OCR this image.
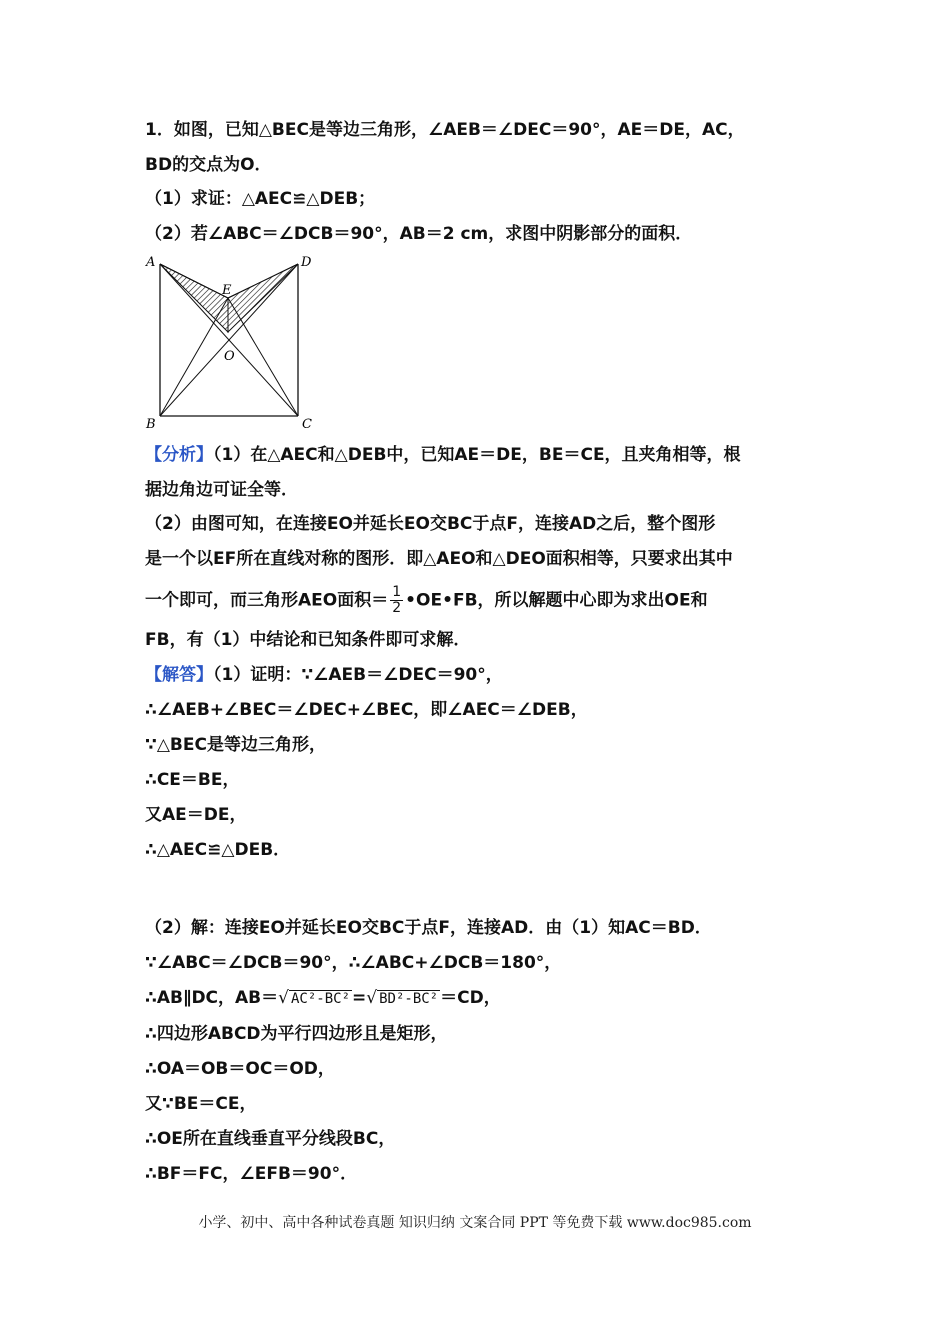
1．如图，已知△BEC是等边三角形，∠AEB＝∠DEC＝90°，AE＝DE，AC，
BD的交点为O．
（1）求证：△AEC≌△DEB；
（2）若∠ABC＝∠DCB＝90°，AB＝2 cm，求图中阴影部分的面积．
A	D
E
O
B	C
【分析】（1）在△AEC和△DEB中，已知AE＝DE，BE＝CE，且夹角相等，根
据边角边可证全等．
（2）由图可知，在连接EO并延长EO交BC于点F，连接AD之后，整个图形
是一个以EF所在直线对称的图形．即△AEO和△DEO面积相等，只要求出其中
一个即可，而三角形AEO面积＝ $\frac{1}{2}$ •OE•FB，所以解题中心即为求出OE和
FB，有（1）中结论和已知条件即可求解．
【解答】（1）证明：∵∠AEB＝∠DEC＝90°，
∴∠AEB+∠BEC＝∠DEC+∠BEC，即∠AEC＝∠DEB，
∵△BEC是等边三角形，
∴CE＝BE，
又AE＝DE，
∴△AEC≌△DEB．
（2）解：连接EO并延长EO交BC于点F，连接AD．由（1）知AC＝BD．
∵∠ABC＝∠DCB＝90°，∴∠ABC+∠DCB＝180°，
∴AB∥DC，AB＝√ AC²-BC² =√ BD²-BC² ＝CD，
∴四边形ABCD为平行四边形且是矩形，
∴OA＝OB＝OC＝OD，
又∵BE＝CE，
∴OE所在直线垂直平分线段BC，
∴BF＝FC，∠EFB＝90°．
小学、初中、高中各种试卷真题 知识归纳 文案合同 PPT 等免费下载 www.doc985.com
